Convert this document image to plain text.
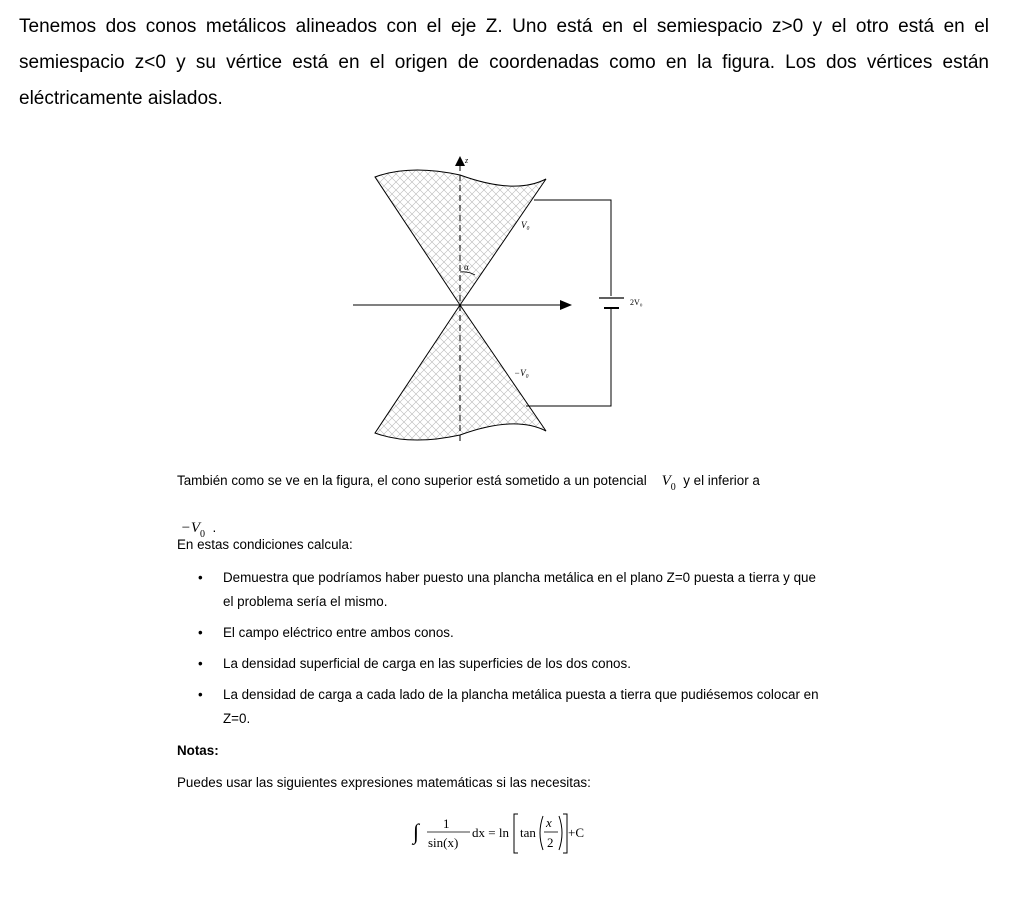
Tenemos dos conos metálicos alineados con el eje Z. Uno está en el semiespacio z>0 y el otro está en el semiespacio z<0 y su vértice está en el origen de coordenadas como en la figura. Los dos vértices están eléctricamente aislados.

z
α
V₀
−V₀
2V₀

También como se ve en la figura, el cono superior está sometido a un potencial $V_0$ y el inferior a
$-V_0$ .

En estas condiciones calcula:

• Demuestra que podríamos haber puesto una plancha metálica en el plano Z=0 puesta a tierra y que el problema sería el mismo.
• El campo eléctrico entre ambos conos.
• La densidad superficial de carga en las superficies de los dos conos.
• La densidad de carga a cada lado de la plancha metálica puesta a tierra que pudiésemos colocar en Z=0.

Notas:

Puedes usar las siguientes expresiones matemáticas si las necesitas:

∫ 1
sin(x)
dx = ln tan
x
2
+C
